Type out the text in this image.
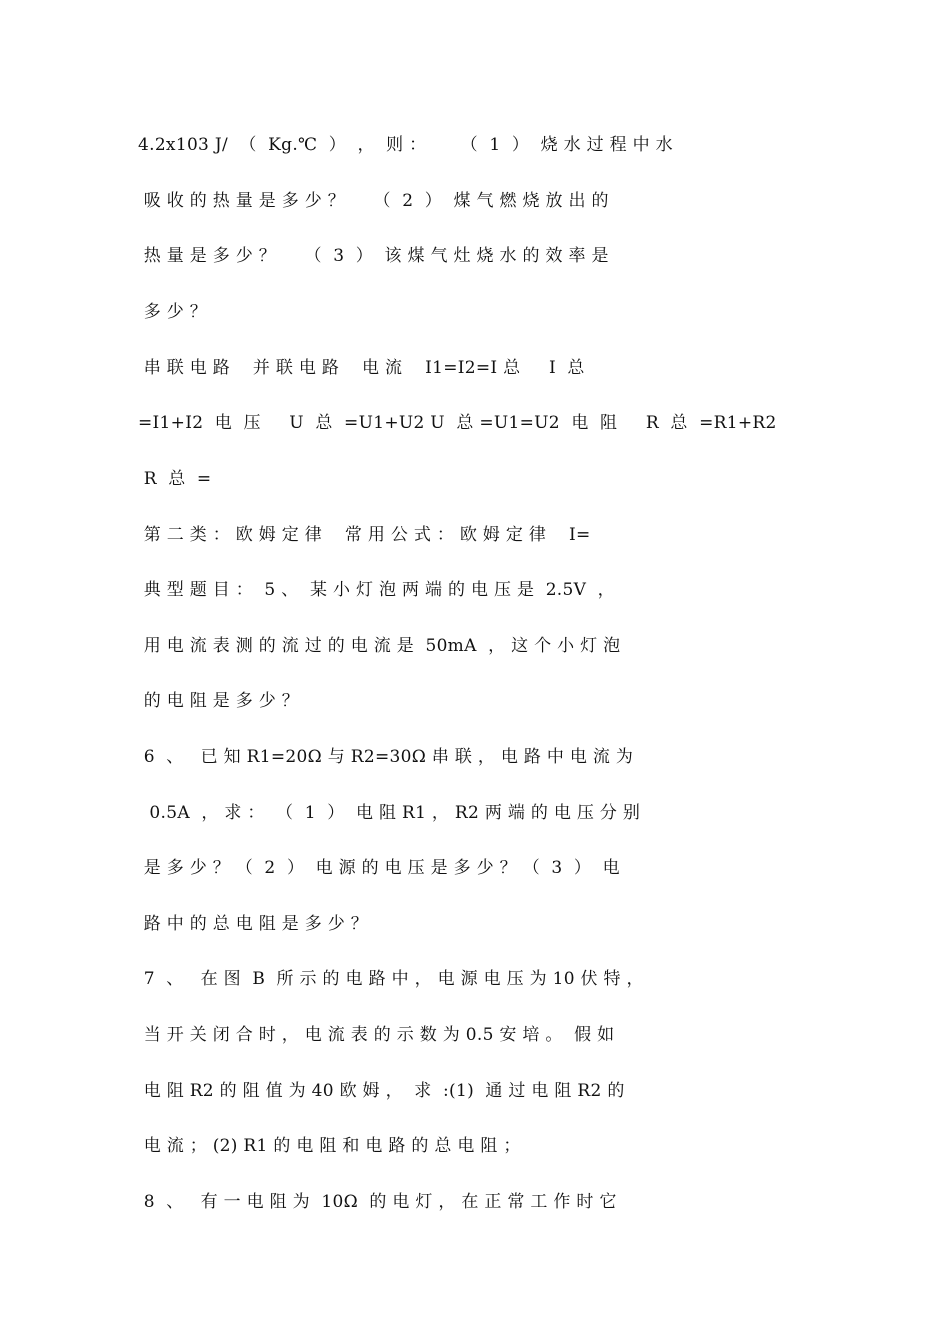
4.2x103 J/  （  Kg.℃  ）  ，  则 ：      （  1  ）  烧 水 过 程 中 水
吸 收 的 热 量 是 多 少 ？     （  2  ）  煤 气 燃 烧 放 出 的
热 量 是 多 少 ？     （  3  ）  该 煤 气 灶 烧 水 的 效 率 是
多 少 ？
串 联 电 路    并 联 电 路    电 流    I1=I2=I 总     I  总
=I1+I2  电  压     U  总  =U1+U2 U  总 =U1=U2  电  阻     R  总  =R1+R2
R  总  =
第 二 类 ： 欧 姆 定 律    常 用 公 式 ： 欧 姆 定 律    I=
典 型 题 目 ：  5 、  某 小 灯 泡 两 端 的 电 压 是  2.5V  ，
用 电 流 表 测 的 流 过 的 电 流 是  50mA  ， 这 个 小 灯 泡
的 电 阻 是 多 少 ？
6  、   已 知 R1=20Ω 与 R2=30Ω 串 联 ， 电 路 中 电 流 为
0.5A  ， 求 ：  （  1  ）  电 阻 R1 ， R2 两 端 的 电 压 分 别
是 多 少 ？ （  2  ）  电 源 的 电 压 是 多 少 ？ （  3  ）  电
路 中 的 总 电 阻 是 多 少 ？
7  、   在 图  B  所 示 的 电 路 中 ， 电 源 电 压 为 10 伏 特 ，
当 开 关 闭 合 时 ， 电 流 表 的 示 数 为 0.5 安 培 。  假 如
电 阻 R2 的 阻 值 为 40 欧 姆 ，  求  :(1)  通 过 电 阻 R2 的
电 流 ； (2) R1 的 电 阻 和 电 路 的 总 电 阻 ；
8  、   有 一 电 阻 为  10Ω  的 电 灯 ， 在 正 常 工 作 时 它
